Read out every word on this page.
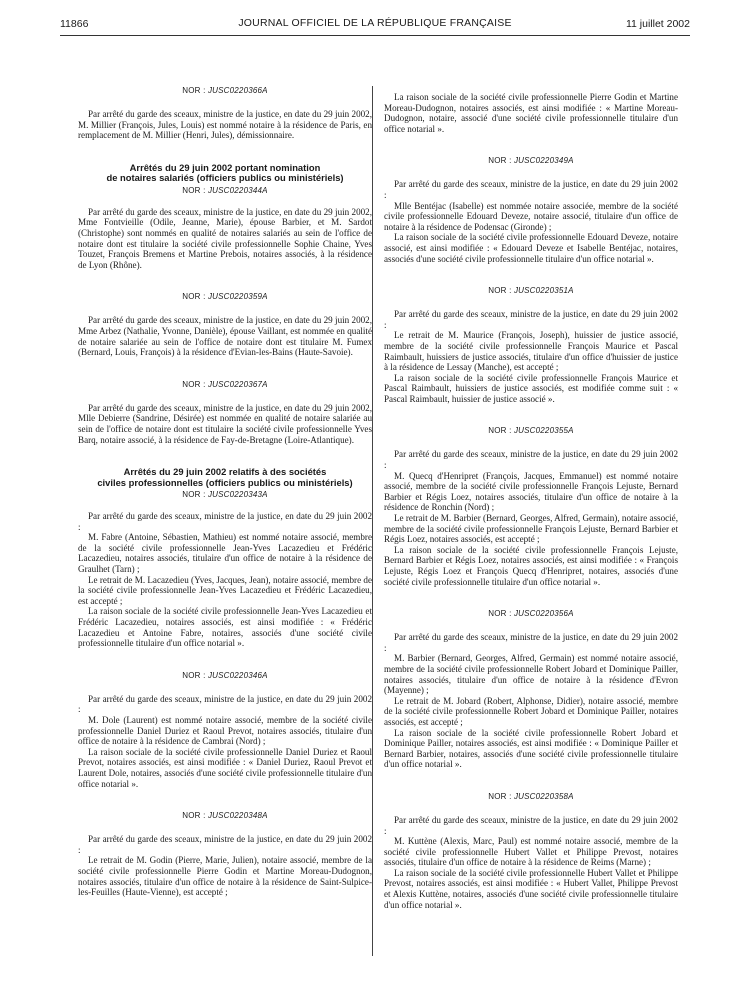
11866	JOURNAL OFFICIEL DE LA RÉPUBLIQUE FRANÇAISE	11 juillet 2002
NOR : JUSC0220366A

Par arrêté du garde des sceaux, ministre de la justice, en date du 29 juin 2002, M. Millier (François, Jules, Louis) est nommé notaire à la résidence de Paris, en remplacement de M. Millier (Henri, Jules), démissionnaire.

Arrêtés du 29 juin 2002 portant nomination
de notaires salariés (officiers publics ou ministériels)
NOR : JUSC0220344A

Par arrêté du garde des sceaux, ministre de la justice, en date du 29 juin 2002, Mme Fontvieille (Odile, Jeanne, Marie), épouse Barbier, et M. Sardot (Christophe) sont nommés en qualité de notaires salariés au sein de l'office de notaire dont est titulaire la société civile professionnelle Sophie Chaine, Yves Touzet, François Bremens et Martine Prebois, notaires associés, à la résidence de Lyon (Rhône).

NOR : JUSC0220359A

Par arrêté du garde des sceaux, ministre de la justice, en date du 29 juin 2002, Mme Arbez (Nathalie, Yvonne, Danièle), épouse Vaillant, est nommée en qualité de notaire salariée au sein de l'office de notaire dont est titulaire M. Fumex (Bernard, Louis, François) à la résidence d'Evian-les-Bains (Haute-Savoie).

NOR : JUSC0220367A

Par arrêté du garde des sceaux, ministre de la justice, en date du 29 juin 2002, Mlle Debierre (Sandrine, Désirée) est nommée en qualité de notaire salariée au sein de l'office de notaire dont est titulaire la société civile professionnelle Yves Barq, notaire associé, à la résidence de Fay-de-Bretagne (Loire-Atlantique).

Arrêtés du 29 juin 2002 relatifs à des sociétés
civiles professionnelles (officiers publics ou ministériels)
NOR : JUSC0220343A

Par arrêté du garde des sceaux, ministre de la justice, en date du 29 juin 2002 :

M. Fabre (Antoine, Sébastien, Mathieu) est nommé notaire associé, membre de la société civile professionnelle Jean-Yves Lacazedieu et Frédéric Lacazedieu, notaires associés, titulaire d'un office de notaire à la résidence de Graulhet (Tarn) ;

Le retrait de M. Lacazedieu (Yves, Jacques, Jean), notaire associé, membre de la société civile professionnelle Jean-Yves Lacazedieu et Frédéric Lacazedieu, est accepté ;

La raison sociale de la société civile professionnelle Jean-Yves Lacazedieu et Frédéric Lacazedieu, notaires associés, est ainsi modifiée : « Frédéric Lacazedieu et Antoine Fabre, notaires, associés d'une société civile professionnelle titulaire d'un office notarial ».

NOR : JUSC0220346A

Par arrêté du garde des sceaux, ministre de la justice, en date du 29 juin 2002 :

M. Dole (Laurent) est nommé notaire associé, membre de la société civile professionnelle Daniel Duriez et Raoul Prevot, notaires associés, titulaire d'un office de notaire à la résidence de Cambrai (Nord) ;

La raison sociale de la société civile professionnelle Daniel Duriez et Raoul Prevot, notaires associés, est ainsi modifiée : « Daniel Duriez, Raoul Prevot et Laurent Dole, notaires, associés d'une société civile professionnelle titulaire d'un office notarial ».

NOR : JUSC0220348A

Par arrêté du garde des sceaux, ministre de la justice, en date du 29 juin 2002 :

Le retrait de M. Godin (Pierre, Marie, Julien), notaire associé, membre de la société civile professionnelle Pierre Godin et Martine Moreau-Dudognon, notaires associés, titulaire d'un office de notaire à la résidence de Saint-Sulpice-les-Feuilles (Haute-Vienne), est accepté ;

La raison sociale de la société civile professionnelle Pierre Godin et Martine Moreau-Dudognon, notaires associés, est ainsi modifiée : « Martine Moreau-Dudognon, notaire, associé d'une société civile professionnelle titulaire d'un office notarial ».

NOR : JUSC0220349A

Par arrêté du garde des sceaux, ministre de la justice, en date du 29 juin 2002 :

Mlle Bentéjac (Isabelle) est nommée notaire associée, membre de la société civile professionnelle Edouard Deveze, notaire associé, titulaire d'un office de notaire à la résidence de Podensac (Gironde) ;

La raison sociale de la société civile professionnelle Edouard Deveze, notaire associé, est ainsi modifiée : « Edouard Deveze et Isabelle Bentéjac, notaires, associés d'une société civile professionnelle titulaire d'un office notarial ».

NOR : JUSC0220351A

Par arrêté du garde des sceaux, ministre de la justice, en date du 29 juin 2002 :

Le retrait de M. Maurice (François, Joseph), huissier de justice associé, membre de la société civile professionnelle François Maurice et Pascal Raimbault, huissiers de justice associés, titulaire d'un office d'huissier de justice à la résidence de Lessay (Manche), est accepté ;

La raison sociale de la société civile professionnelle François Maurice et Pascal Raimbault, huissiers de justice associés, est modifiée comme suit : « Pascal Raimbault, huissier de justice associé ».

NOR : JUSC0220355A

Par arrêté du garde des sceaux, ministre de la justice, en date du 29 juin 2002 :

M. Quecq d'Henripret (François, Jacques, Emmanuel) est nommé notaire associé, membre de la société civile professionnelle François Lejuste, Bernard Barbier et Régis Loez, notaires associés, titulaire d'un office de notaire à la résidence de Ronchin (Nord) ;

Le retrait de M. Barbier (Bernard, Georges, Alfred, Germain), notaire associé, membre de la société civile professionnelle François Lejuste, Bernard Barbier et Régis Loez, notaires associés, est accepté ;

La raison sociale de la société civile professionnelle François Lejuste, Bernard Barbier et Régis Loez, notaires associés, est ainsi modifiée : « François Lejuste, Régis Loez et François Quecq d'Henripret, notaires, associés d'une société civile professionnelle titulaire d'un office notarial ».

NOR : JUSC0220356A

Par arrêté du garde des sceaux, ministre de la justice, en date du 29 juin 2002 :

M. Barbier (Bernard, Georges, Alfred, Germain) est nommé notaire associé, membre de la société civile professionnelle Robert Jobard et Dominique Pailler, notaires associés, titulaire d'un office de notaire à la résidence d'Evron (Mayenne) ;

Le retrait de M. Jobard (Robert, Alphonse, Didier), notaire associé, membre de la société civile professionnelle Robert Jobard et Dominique Pailler, notaires associés, est accepté ;

La raison sociale de la société civile professionnelle Robert Jobard et Dominique Pailler, notaires associés, est ainsi modifiée : « Dominique Pailler et Bernard Barbier, notaires, associés d'une société civile professionnelle titulaire d'un office notarial ».

NOR : JUSC0220358A

Par arrêté du garde des sceaux, ministre de la justice, en date du 29 juin 2002 :

M. Kuttène (Alexis, Marc, Paul) est nommé notaire associé, membre de la société civile professionnelle Hubert Vallet et Philippe Prevost, notaires associés, titulaire d'un office de notaire à la résidence de Reims (Marne) ;

La raison sociale de la société civile professionnelle Hubert Vallet et Philippe Prevost, notaires associés, est ainsi modifiée : « Hubert Vallet, Philippe Prevost et Alexis Kuttène, notaires, associés d'une société civile professionnelle titulaire d'un office notarial ».
